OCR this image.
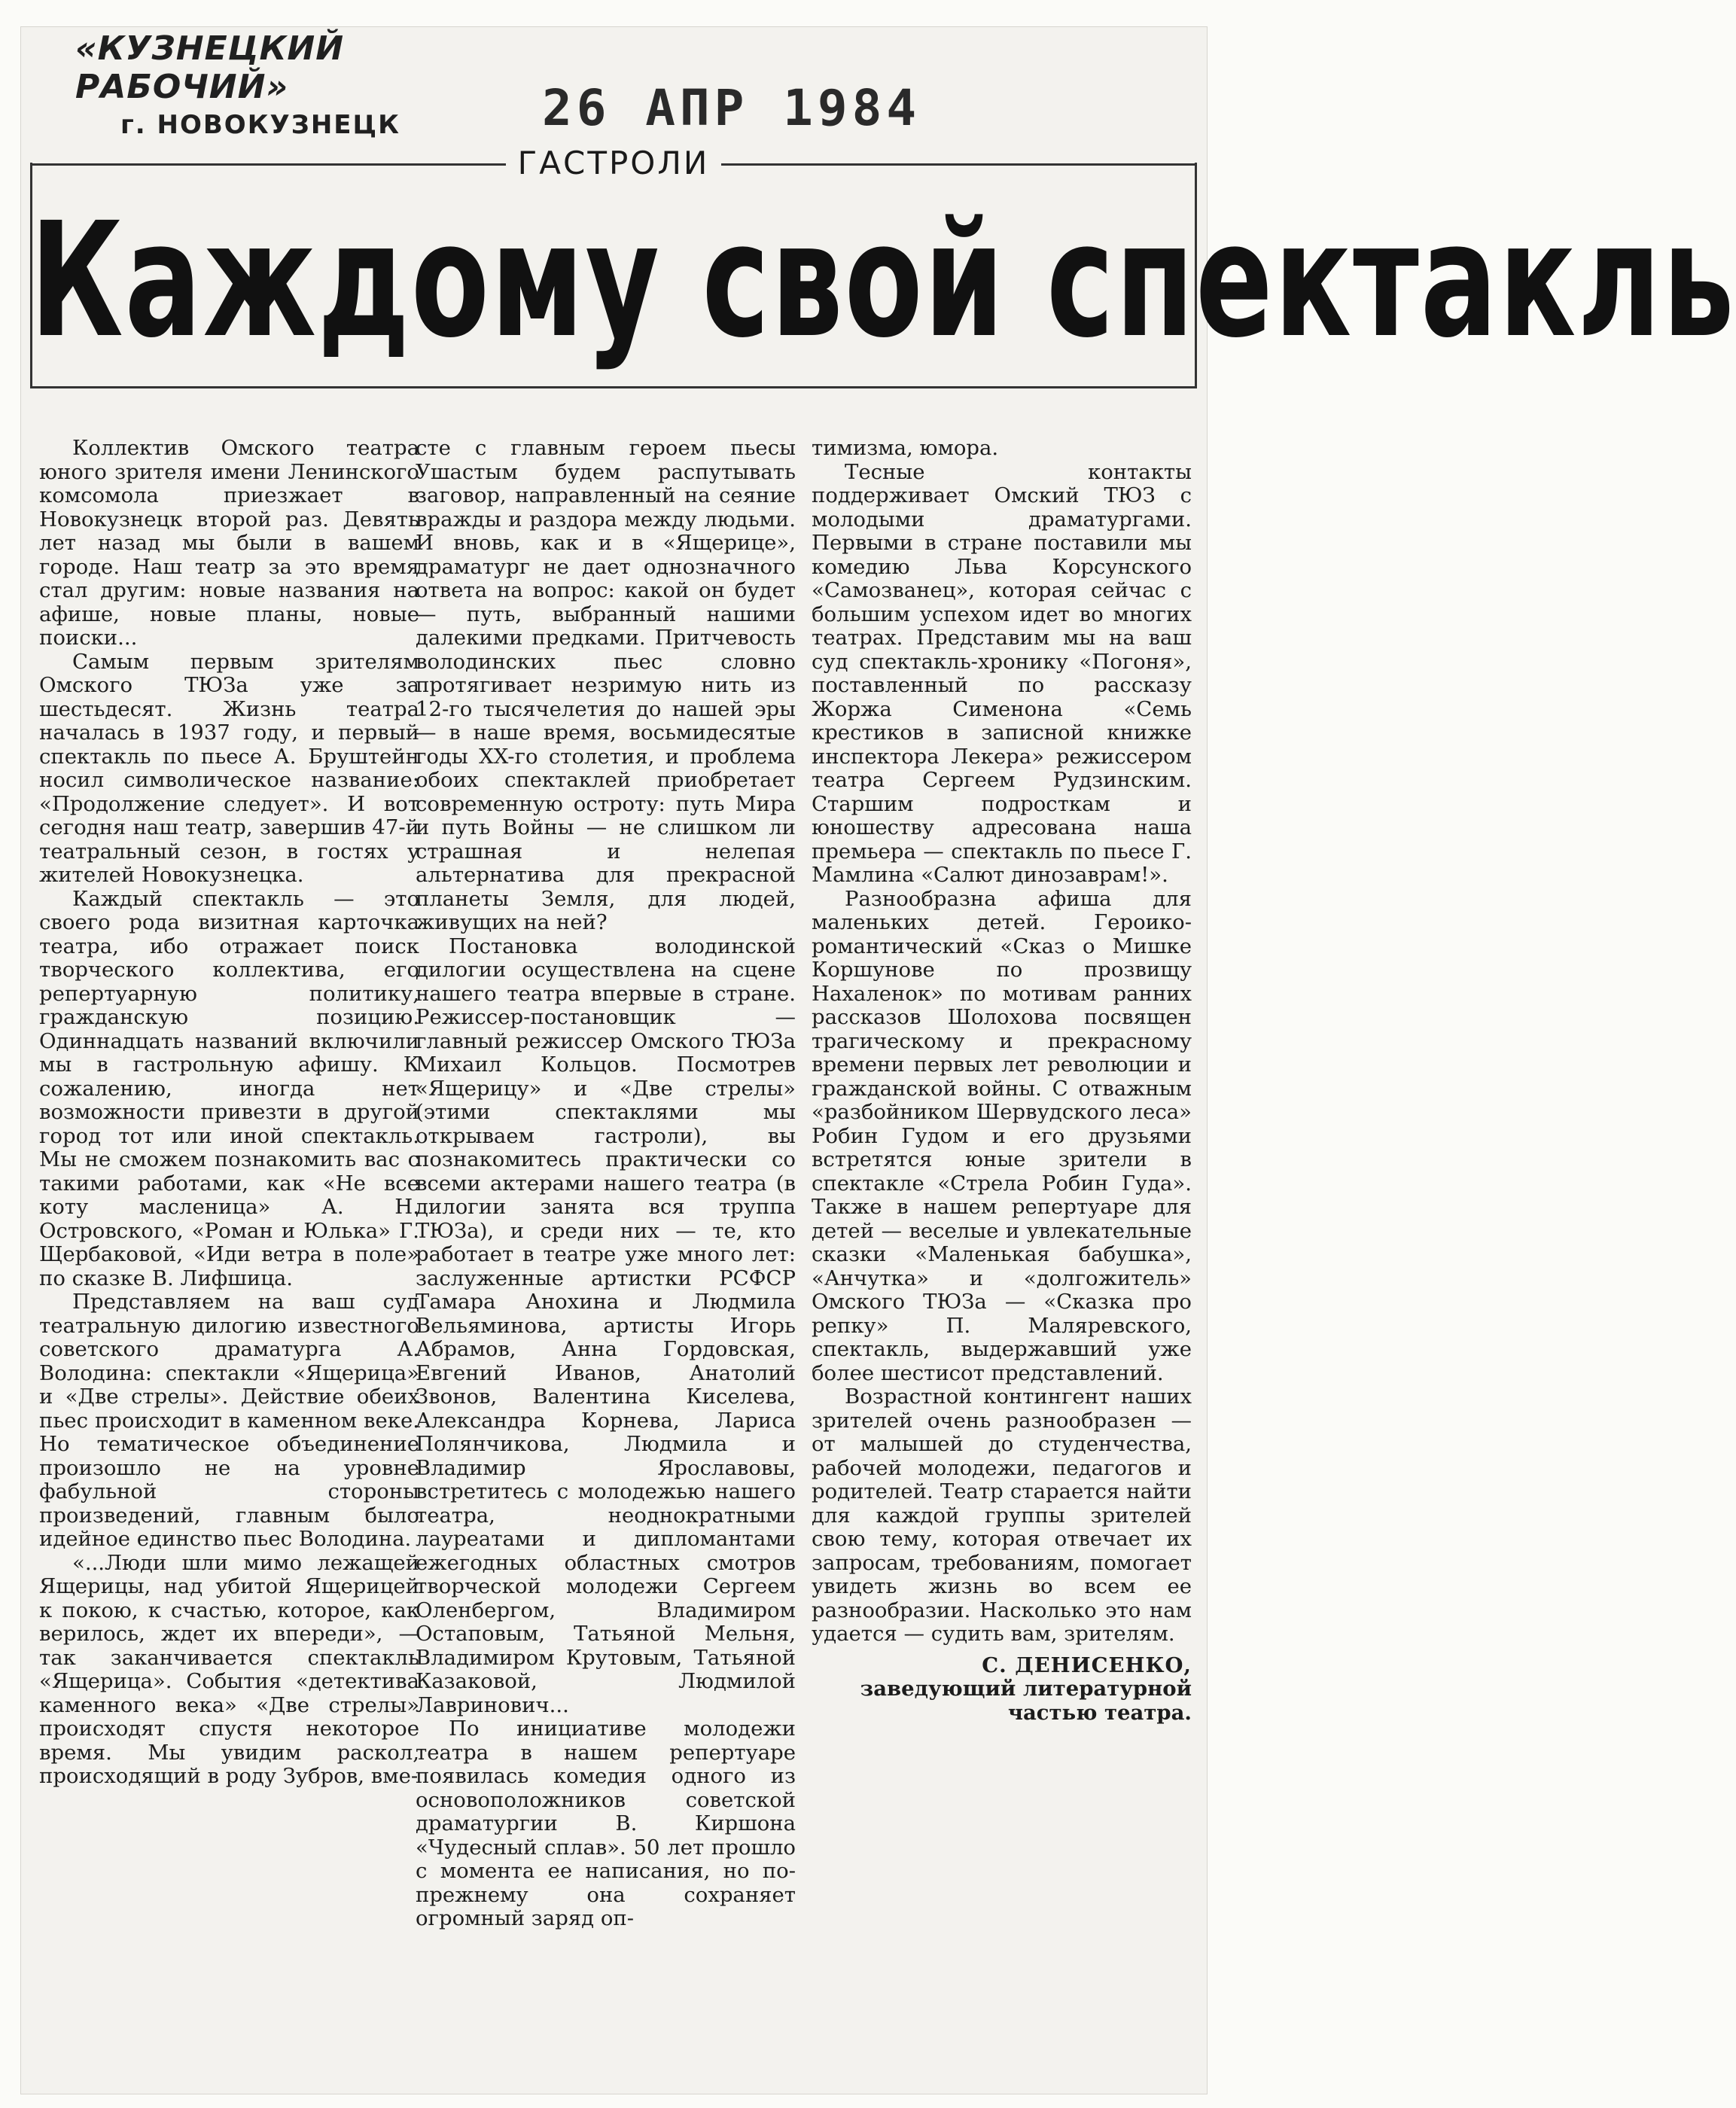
«КУЗНЕЦКИЙ РАБОЧИЙ»
г. НОВОКУЗНЕЦК	26 АПР 1984
ГАСТРОЛИ
Каждому свой спектакль

Коллектив Омского театра юного зрителя имени Ленинского комсомола приезжает в Новокузнецк второй раз. Девять лет назад мы были в вашем городе. Наш театр за это время стал другим: новые названия на афише, новые планы, новые поиски...

Самым первым зрителям Омского ТЮЗа уже за шестьдесят. Жизнь театра началась в 1937 году, и первый спектакль по пьесе А. Бруштейн носил символическое название: «Продолжение следует». И вот сегодня наш театр, завершив 47-й театральный сезон, в гостях у жителей Новокузнецка.

Каждый спектакль — это своего рода визитная карточка театра, ибо отражает поиск творческого коллектива, его репертуарную политику, гражданскую позицию. Одиннадцать названий включили мы в гастрольную афишу. К сожалению, иногда нет возможности привезти в другой город тот или иной спектакль. Мы не сможем познакомить вас с такими работами, как «Не все коту масленица» А. Н. Островского, «Роман и Юлька» Г. Щербаковой, «Иди ветра в поле» по сказке В. Лифшица.

Представляем на ваш суд театральную дилогию известного советского драматурга А. Володина: спектакли «Ящерица» и «Две стрелы». Действие обеих пьес происходит в каменном веке. Но тематическое объединение произошло не на уровне фабульной стороны произведений, главным было идейное единство пьес Володина.

«...Люди шли мимо лежащей Ящерицы, над убитой Ящерицей к покою, к счастью, которое, как верилось, ждет их впереди», — так заканчивается спектакль «Ящерица». События «детектива каменного века» «Две стрелы» происходят спустя некоторое время. Мы увидим раскол, происходящий в роду Зубров, вме-

сте с главным героем пьесы Ушастым будем распутывать заговор, направленный на сеяние вражды и раздора между людьми. И вновь, как и в «Ящерице», драматург не дает однозначного ответа на вопрос: какой он будет — путь, выбранный нашими далекими предками. Притчевость володинских пьес словно протягивает незримую нить из 12-го тысячелетия до нашей эры — в наше время, восьмидесятые годы XX-го столетия, и проблема обоих спектаклей приобретает современную остроту: путь Мира и путь Войны — не слишком ли страшная и нелепая альтернатива для прекрасной планеты Земля, для людей, живущих на ней?

Постановка володинской дилогии осуществлена на сцене нашего театра впервые в стране. Режиссер-постановщик — главный режиссер Омского ТЮЗа Михаил Кольцов. Посмотрев «Ящерицу» и «Две стрелы» (этими спектаклями мы открываем гастроли), вы познакомитесь практически со всеми актерами нашего театра (в дилогии занята вся труппа ТЮЗа), и среди них — те, кто работает в театре уже много лет: заслуженные артистки РСФСР Тамара Анохина и Людмила Вельяминова, артисты Игорь Абрамов, Анна Гордовская, Евгений Иванов, Анатолий Звонов, Валентина Киселева, Александра Корнева, Лариса Полянчикова, Людмила и Владимир Ярославовы, встретитесь с молодежью нашего театра, неоднократными лауреатами и дипломантами ежегодных областных смотров творческой молодежи Сергеем Оленбергом, Владимиром Остаповым, Татьяной Мельня, Владимиром Крутовым, Татьяной Казаковой, Людмилой Лавринович...

По инициативе молодежи театра в нашем репертуаре появилась комедия одного из основоположников советской драматургии В. Киршона «Чудесный сплав». 50 лет прошло с момента ее написания, но по-прежнему она сохраняет огромный заряд оп-

тимизма, юмора.

Тесные контакты поддерживает Омский ТЮЗ с молодыми драматургами. Первыми в стране поставили мы комедию Льва Корсунского «Самозванец», которая сейчас с большим успехом идет во многих театрах. Представим мы на ваш суд спектакль-хронику «Погоня», поставленный по рассказу Жоржа Сименона «Семь крестиков в записной книжке инспектора Лекера» режиссером театра Сергеем Рудзинским. Старшим подросткам и юношеству адресована наша премьера — спектакль по пьесе Г. Мамлина «Салют динозаврам!».

Разнообразна афиша для маленьких детей. Героико-романтический «Сказ о Мишке Коршунове по прозвищу Нахаленок» по мотивам ранних рассказов Шолохова посвящен трагическому и прекрасному времени первых лет революции и гражданской войны. С отважным «разбойником Шервудского леса» Робин Гудом и его друзьями встретятся юные зрители в спектакле «Стрела Робин Гуда». Также в нашем репертуаре для детей — веселые и увлекательные сказки «Маленькая бабушка», «Анчутка» и «долгожитель» Омского ТЮЗа — «Сказка про репку» П. Маляревского, спектакль, выдержавший уже более шестисот представлений.

Возрастной контингент наших зрителей очень разнообразен — от малышей до студенчества, рабочей молодежи, педагогов и родителей. Театр старается найти для каждой группы зрителей свою тему, которая отвечает их запросам, требованиям, помогает увидеть жизнь во всем ее разнообразии. Насколько это нам удается — судить вам, зрителям.

С. ДЕНИСЕНКО,
заведующий литературной частью театра.
